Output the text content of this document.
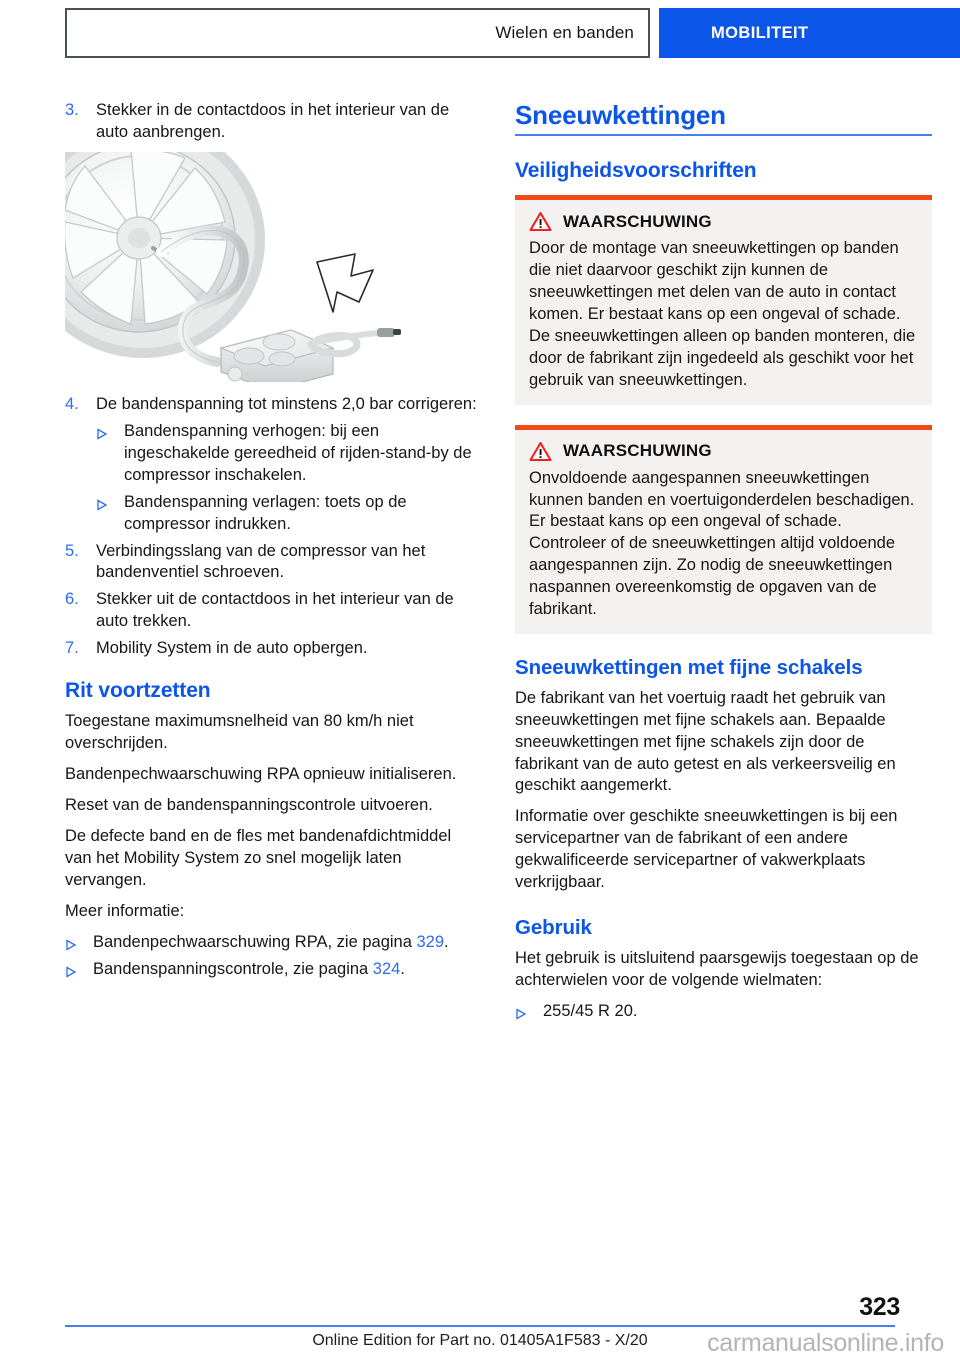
Wielen en banden	MOBILITEIT
3.	Stekker in de contactdoos in het interieur van de auto aanbrengen.
4.	De bandenspanning tot minstens 2,0 bar corrigeren:
Bandenspanning verhogen: bij een ingeschakelde gereedheid of rijden-stand-by de compressor inschakelen.
Bandenspanning verlagen: toets op de compressor indrukken.
5.	Verbindingsslang van de compressor van het bandenventiel schroeven.
6.	Stekker uit de contactdoos in het interieur van de auto trekken.
7.	Mobility System in de auto opbergen.
Rit voortzetten

Toegestane maximumsnelheid van 80 km/h niet overschrijden.

Bandenpechwaarschuwing RPA opnieuw initialiseren.

Reset van de bandenspanningscontrole uitvoeren.

De defecte band en de fles met bandenafdichtmiddel van het Mobility System zo snel mogelijk laten vervangen.

Meer informatie:

Bandenpechwaarschuwing RPA, zie pagina 329.
Bandenspanningscontrole, zie pagina 324.
Sneeuwkettingen
Veiligheidsvoorschriften
WAARSCHUWING
Door de montage van sneeuwkettingen op banden die niet daarvoor geschikt zijn kunnen de sneeuwkettingen met delen van de auto in contact komen. Er bestaat kans op een ongeval of schade. De sneeuwkettingen alleen op banden monteren, die door de fabrikant zijn ingedeeld als geschikt voor het gebruik van sneeuwkettingen.
WAARSCHUWING
Onvoldoende aangespannen sneeuwkettingen kunnen banden en voertuigonderdelen beschadigen. Er bestaat kans op een ongeval of schade. Controleer of de sneeuwkettingen altijd voldoende aangespannen zijn. Zo nodig de sneeuwkettingen naspannen overeenkomstig de opgaven van de fabrikant.
Sneeuwkettingen met fijne schakels

De fabrikant van het voertuig raadt het gebruik van sneeuwkettingen met fijne schakels aan. Bepaalde sneeuwkettingen met fijne schakels zijn door de fabrikant van de auto getest en als verkeersveilig en geschikt aangemerkt.

Informatie over geschikte sneeuwkettingen is bij een servicepartner van de fabrikant of een andere gekwalificeerde servicepartner of vakwerkplaats verkrijgbaar.

Gebruik

Het gebruik is uitsluitend paarsgewijs toegestaan op de achterwielen voor de volgende wielmaten:

255/45 R 20.
323
Online Edition for Part no. 01405A1F583 - X/20	carmanualsonline.info
